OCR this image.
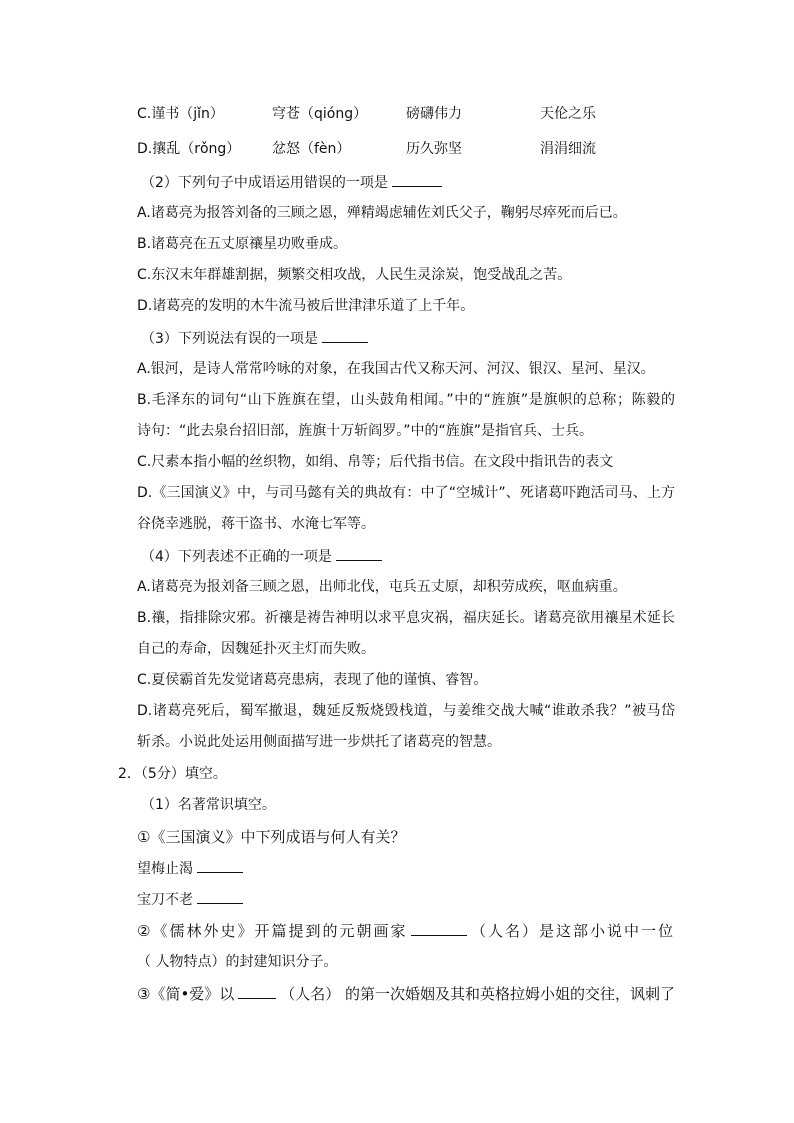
C.谨书（jǐn）	穹苍（qióng）	磅礴伟力	天伦之乐
D.攘乱（rǒng） 忿怒（fèn）	历久弥坚	涓涓细流
（2）下列句子中成语运用错误的一项是
A.诸葛亮为报答刘备的三顾之恩，殚精竭虑辅佐刘氏父子，鞠躬尽瘁死而后已。
B.诸葛亮在五丈原禳星功败垂成。
C.东汉末年群雄割据，频繁交相攻战，人民生灵涂炭，饱受战乱之苦。
D.诸葛亮的发明的木牛流马被后世津津乐道了上千年。
（3）下列说法有误的一项是
A.银河，是诗人常常吟咏的对象，在我国古代又称天河、河汉、银汉、星河、星汉。
B.毛泽东的词句“山下旌旗在望，山头鼓角相闻。”中的“旌旗”是旗帜的总称；陈毅的
诗句：“此去泉台招旧部，旌旗十万斩阎罗。”中的“旌旗”是指官兵、士兵。
C.尺素本指小幅的丝织物，如绢、帛等；后代指书信。在文段中指讯告的表文
D.《三国演义》中，与司马懿有关的典故有：中了“空城计”、死诸葛吓跑活司马、上方
谷侥幸逃脱，蒋干盗书、水淹七军等。
（4）下列表述不正确的一项是
A.诸葛亮为报刘备三顾之恩，出师北伐，屯兵五丈原，却积劳成疾，呕血病重。
B.禳，指排除灾邪。祈禳是祷告神明以求平息灾祸，福庆延长。诸葛亮欲用禳星术延长
自己的寿命，因魏延扑灭主灯而失败。
C.夏侯霸首先发觉诸葛亮患病，表现了他的谨慎、睿智。
D.诸葛亮死后，蜀军撤退，魏延反叛烧毁栈道，与姜维交战大喊“谁敢杀我？”被马岱
斩杀。小说此处运用侧面描写进一步烘托了诸葛亮的智慧。
2．（5分）填空。
（1）名著常识填空。
①《三国演义》中下列成语与何人有关？
望梅止渴
宝刀不老
②《儒林外史》开篇提到的元朝画家	（人名）是这部小说中一位
（ 人物特点）的封建知识分子。
③《简•爱》以	（人名） 的第一次婚姻及其和英格拉姆小姐的交往，讽刺了
